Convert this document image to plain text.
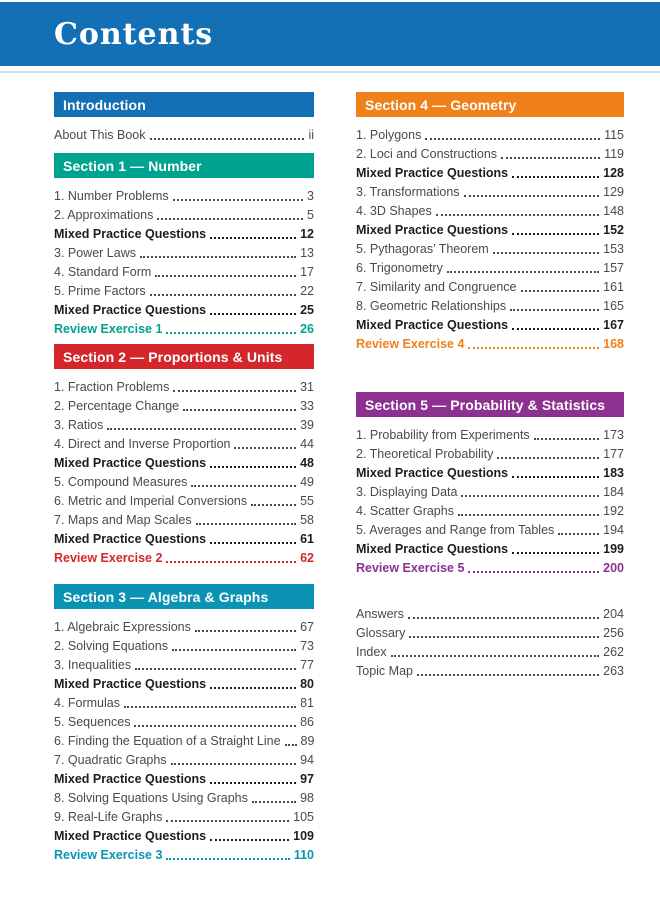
Contents
Introduction
About This Book	ii
Section 1 — Number
1. Number Problems	3
2. Approximations	5
Mixed Practice Questions	12
3. Power Laws	13
4. Standard Form	17
5. Prime Factors	22
Mixed Practice Questions	25
Review Exercise 1	26
Section 2 — Proportions & Units
1. Fraction Problems	31
2. Percentage Change	33
3. Ratios	39
4. Direct and Inverse Proportion	44
Mixed Practice Questions	48
5. Compound Measures	49
6. Metric and Imperial Conversions	55
7. Maps and Map Scales	58
Mixed Practice Questions	61
Review Exercise 2	62
Section 3 — Algebra & Graphs
1. Algebraic Expressions	67
2. Solving Equations	73
3. Inequalities	77
Mixed Practice Questions	80
4. Formulas	81
5. Sequences	86
6. Finding the Equation of a Straight Line 89
7. Quadratic Graphs	94
Mixed Practice Questions	97
8. Solving Equations Using Graphs	98
9. Real-Life Graphs	105
Mixed Practice Questions	109
Review Exercise 3	110
Section 4 — Geometry
1. Polygons	115
2. Loci and Constructions	119
Mixed Practice Questions	128
3. Transformations	129
4. 3D Shapes	148
Mixed Practice Questions	152
5. Pythagoras’ Theorem	153
6. Trigonometry	157
7. Similarity and Congruence	161
8. Geometric Relationships	165
Mixed Practice Questions	167
Review Exercise 4	168
Section 5 — Probability & Statistics
1. Probability from Experiments	173
2. Theoretical Probability	177
Mixed Practice Questions	183
3. Displaying Data	184
4. Scatter Graphs	192
5. Averages and Range from Tables	194
Mixed Practice Questions	199
Review Exercise 5	200
Answers	204
Glossary	256
Index	262
Topic Map	263
